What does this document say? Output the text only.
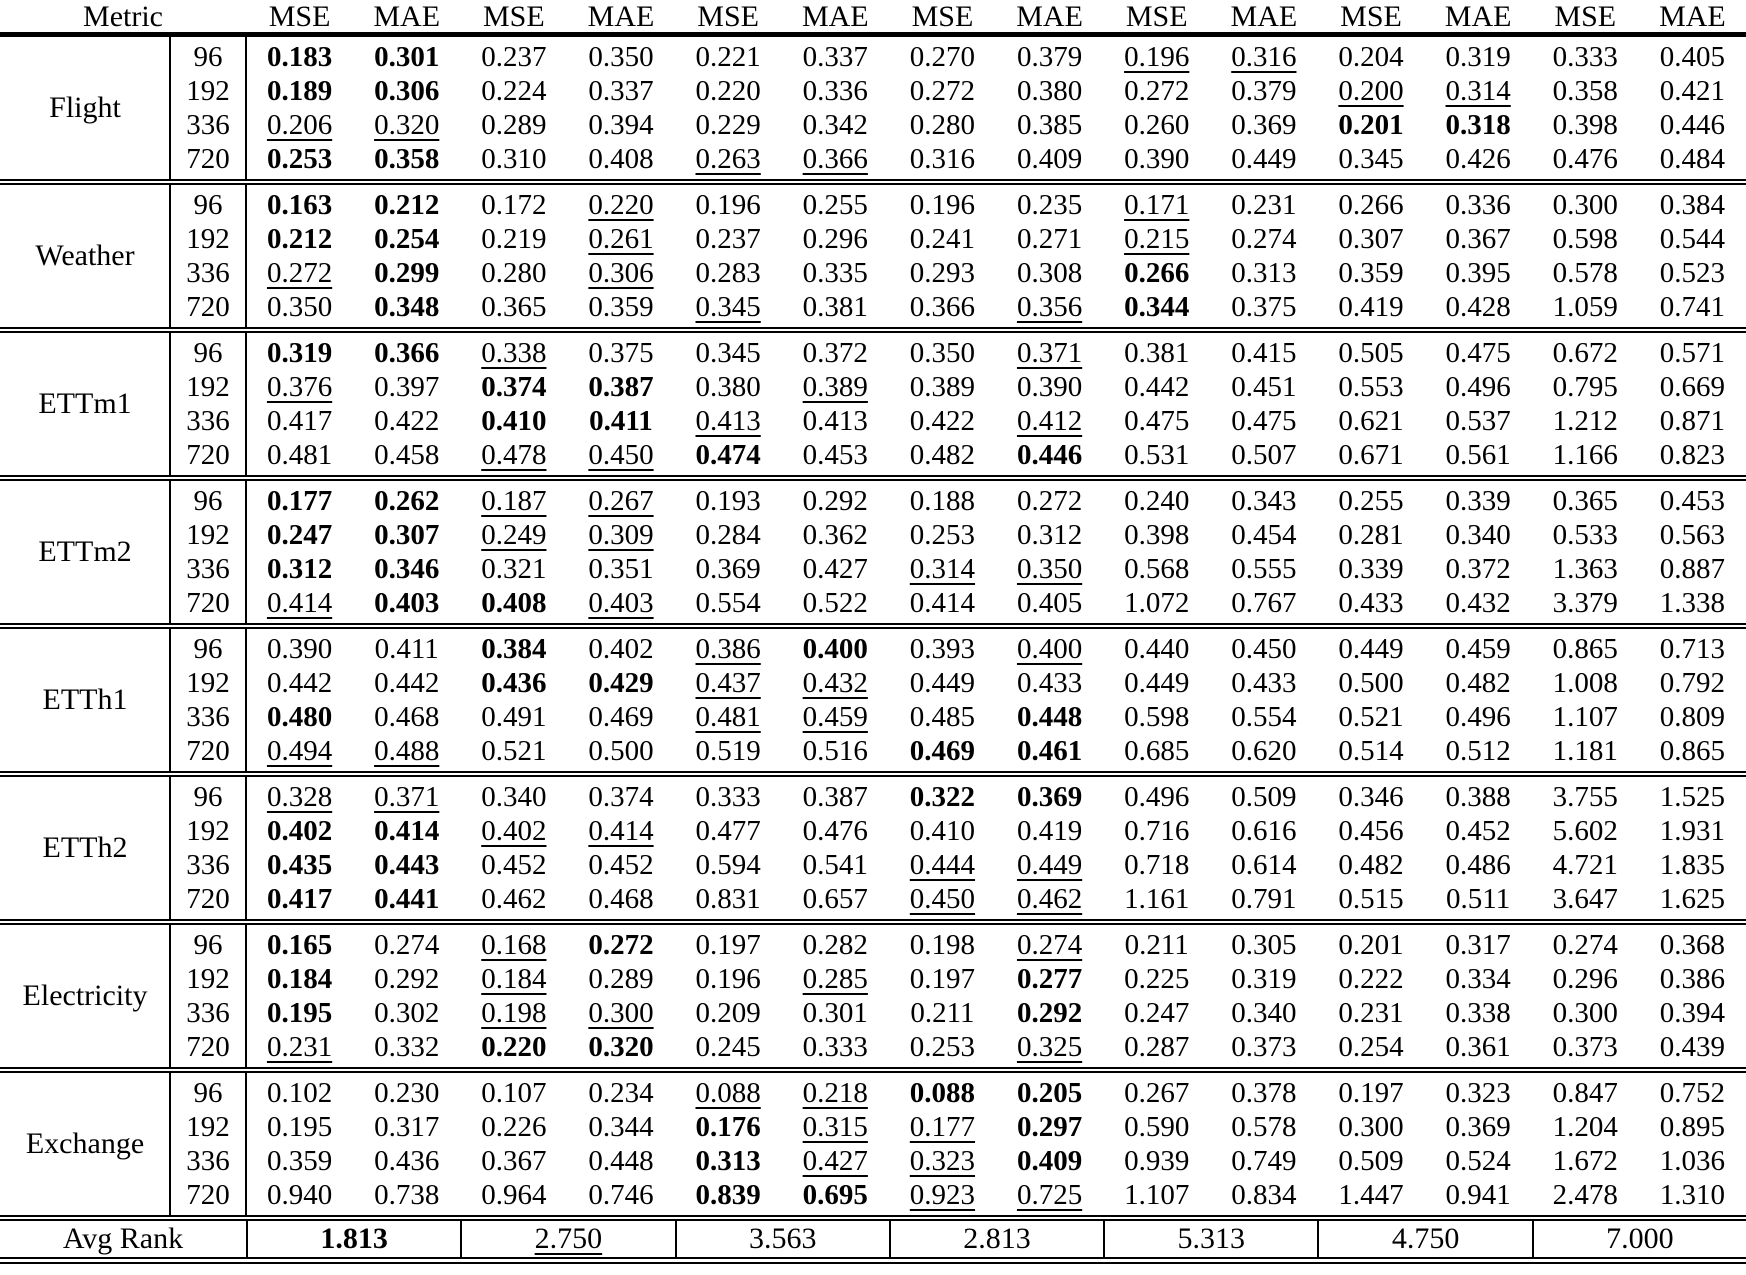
Metric	MSE	MAE	MSE	MAE	MSE	MAE	MSE	MAE	MSE	MAE	MSE	MAE	MSE	MAE
Flight
96	0.183	0.301	0.237	0.350	0.221	0.337	0.270	0.379	0.196	0.316	0.204	0.319	0.333	0.405
192	0.189	0.306	0.224	0.337	0.220	0.336	0.272	0.380	0.272	0.379	0.200	0.314	0.358	0.421
336	0.206	0.320	0.289	0.394	0.229	0.342	0.280	0.385	0.260	0.369	0.201	0.318	0.398	0.446
720	0.253	0.358	0.310	0.408	0.263	0.366	0.316	0.409	0.390	0.449	0.345	0.426	0.476	0.484
Weather
96	0.163	0.212	0.172	0.220	0.196	0.255	0.196	0.235	0.171	0.231	0.266	0.336	0.300	0.384
192	0.212	0.254	0.219	0.261	0.237	0.296	0.241	0.271	0.215	0.274	0.307	0.367	0.598	0.544
336	0.272	0.299	0.280	0.306	0.283	0.335	0.293	0.308	0.266	0.313	0.359	0.395	0.578	0.523
720	0.350	0.348	0.365	0.359	0.345	0.381	0.366	0.356	0.344	0.375	0.419	0.428	1.059	0.741
ETTm1
96	0.319	0.366	0.338	0.375	0.345	0.372	0.350	0.371	0.381	0.415	0.505	0.475	0.672	0.571
192	0.376	0.397	0.374	0.387	0.380	0.389	0.389	0.390	0.442	0.451	0.553	0.496	0.795	0.669
336	0.417	0.422	0.410	0.411	0.413	0.413	0.422	0.412	0.475	0.475	0.621	0.537	1.212	0.871
720	0.481	0.458	0.478	0.450	0.474	0.453	0.482	0.446	0.531	0.507	0.671	0.561	1.166	0.823
ETTm2
96	0.177	0.262	0.187	0.267	0.193	0.292	0.188	0.272	0.240	0.343	0.255	0.339	0.365	0.453
192	0.247	0.307	0.249	0.309	0.284	0.362	0.253	0.312	0.398	0.454	0.281	0.340	0.533	0.563
336	0.312	0.346	0.321	0.351	0.369	0.427	0.314	0.350	0.568	0.555	0.339	0.372	1.363	0.887
720	0.414	0.403	0.408	0.403	0.554	0.522	0.414	0.405	1.072	0.767	0.433	0.432	3.379	1.338
ETTh1
96	0.390	0.411	0.384	0.402	0.386	0.400	0.393	0.400	0.440	0.450	0.449	0.459	0.865	0.713
192	0.442	0.442	0.436	0.429	0.437	0.432	0.449	0.433	0.449	0.433	0.500	0.482	1.008	0.792
336	0.480	0.468	0.491	0.469	0.481	0.459	0.485	0.448	0.598	0.554	0.521	0.496	1.107	0.809
720	0.494	0.488	0.521	0.500	0.519	0.516	0.469	0.461	0.685	0.620	0.514	0.512	1.181	0.865
ETTh2
96	0.328	0.371	0.340	0.374	0.333	0.387	0.322	0.369	0.496	0.509	0.346	0.388	3.755	1.525
192	0.402	0.414	0.402	0.414	0.477	0.476	0.410	0.419	0.716	0.616	0.456	0.452	5.602	1.931
336	0.435	0.443	0.452	0.452	0.594	0.541	0.444	0.449	0.718	0.614	0.482	0.486	4.721	1.835
720	0.417	0.441	0.462	0.468	0.831	0.657	0.450	0.462	1.161	0.791	0.515	0.511	3.647	1.625
Electricity
96	0.165	0.274	0.168	0.272	0.197	0.282	0.198	0.274	0.211	0.305	0.201	0.317	0.274	0.368
192	0.184	0.292	0.184	0.289	0.196	0.285	0.197	0.277	0.225	0.319	0.222	0.334	0.296	0.386
336	0.195	0.302	0.198	0.300	0.209	0.301	0.211	0.292	0.247	0.340	0.231	0.338	0.300	0.394
720	0.231	0.332	0.220	0.320	0.245	0.333	0.253	0.325	0.287	0.373	0.254	0.361	0.373	0.439
Exchange
96	0.102	0.230	0.107	0.234	0.088	0.218	0.088	0.205	0.267	0.378	0.197	0.323	0.847	0.752
192	0.195	0.317	0.226	0.344	0.176	0.315	0.177	0.297	0.590	0.578	0.300	0.369	1.204	0.895
336	0.359	0.436	0.367	0.448	0.313	0.427	0.323	0.409	0.939	0.749	0.509	0.524	1.672	1.036
720	0.940	0.738	0.964	0.746	0.839	0.695	0.923	0.725	1.107	0.834	1.447	0.941	2.478	1.310
Avg Rank	1.813	2.750	3.563	2.813	5.313	4.750	7.000
